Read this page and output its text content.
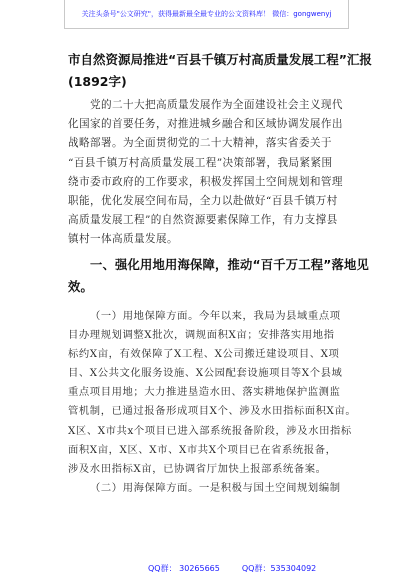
关注头条号"公文研究"，获得最新最全最专业的公文资料库！ 微信：gongwenyj
市自然资源局推进“百县千镇万村高质量发展工程”汇报
(1892字)
党的二十大把高质量发展作为全面建设社会主义现代
化国家的首要任务，对推进城乡融合和区域协调发展作出
战略部署。为全面贯彻党的二十大精神，落实省委关于
“百县千镇万村高质量发展工程”决策部署，我局紧紧围
绕市委市政府的工作要求，积极发挥国土空间规划和管理
职能，优化发展空间布局，全力以赴做好“百县千镇万村
高质量发展工程”的自然资源要素保障工作，有力支撑县
镇村一体高质量发展。
一、强化用地用海保障，推动“百千万工程”落地见
效。
（一）用地保障方面。今年以来，我局为县域重点项
目办理规划调整X批次，调规面积X亩；安排落实用地指
标约X亩，有效保障了X工程、X公司搬迁建设项目、X项
目、X公共文化服务设施、X公园配套设施项目等X个县域
重点项目用地；大力推进垦造水田、落实耕地保护监测监
管机制，已通过报备形成项目X个、涉及水田指标面积X亩。
X区、X市共x个项目已进入部系统报备阶段，涉及水田指标
面积X亩，X区、X市、X市共X个项目已在省系统报备，
涉及水田指标X亩，已协调省厅加快上报部系统备案。
（二）用海保障方面。一是积极与国土空间规划编制
QQ群： 30265665	QQ群：535304092
